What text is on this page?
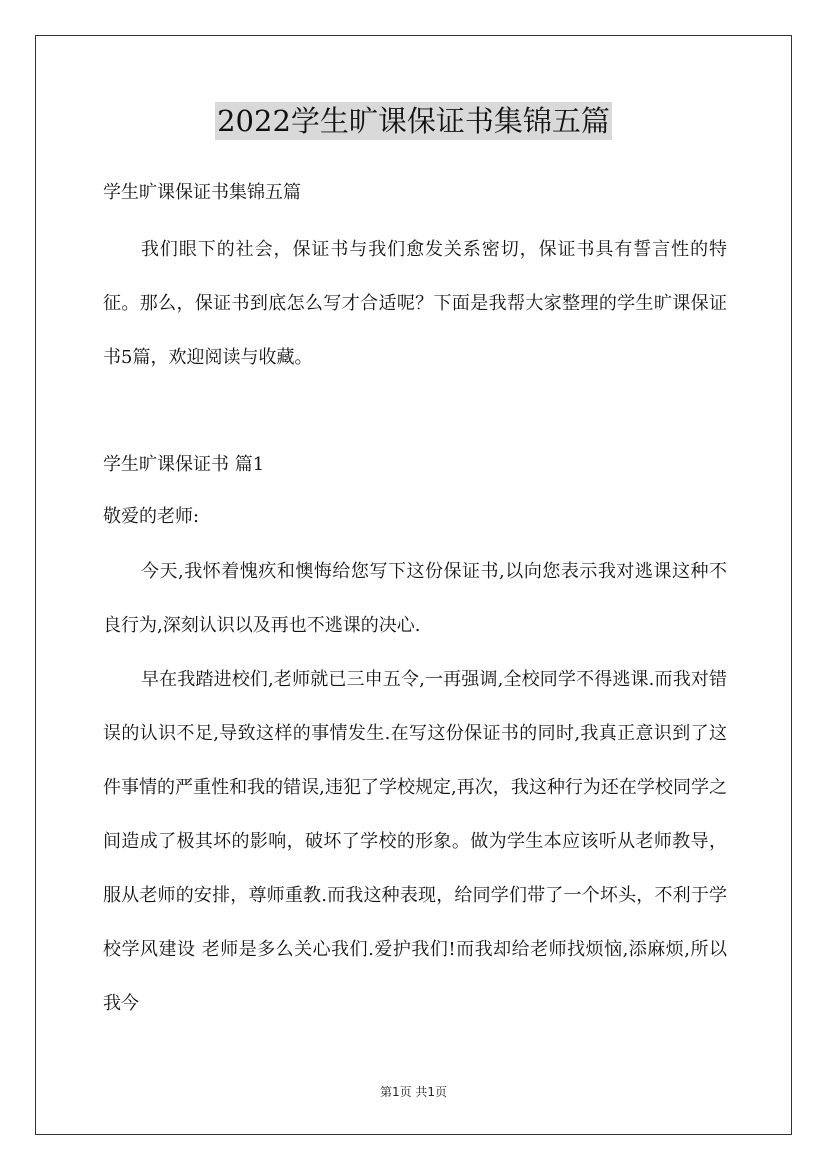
2022学生旷课保证书集锦五篇
学生旷课保证书集锦五篇

我们眼下的社会，保证书与我们愈发关系密切，保证书具有誓言性的特征。那么，保证书到底怎么写才合适呢？下面是我帮大家整理的学生旷课保证书5篇，欢迎阅读与收藏。

学生旷课保证书 篇1
敬爱的老师:

今天,我怀着愧疚和懊悔给您写下这份保证书,以向您表示我对逃课这种不良行为,深刻认识以及再也不逃课的决心.

早在我踏进校们,老师就已三申五令,一再强调,全校同学不得逃课.而我对错误的认识不足,导致这样的事情发生.在写这份保证书的同时,我真正意识到了这件事情的严重性和我的错误,违犯了学校规定,再次，我这种行为还在学校同学之间造成了极其坏的影响，破坏了学校的形象。做为学生本应该听从老师教导，服从老师的安排，尊师重教.而我这种表现，给同学们带了一个坏头，不利于学校学风建设 老师是多么关心我们.爱护我们!而我却给老师找烦恼,添麻烦,所以我今

第1页 共1页
